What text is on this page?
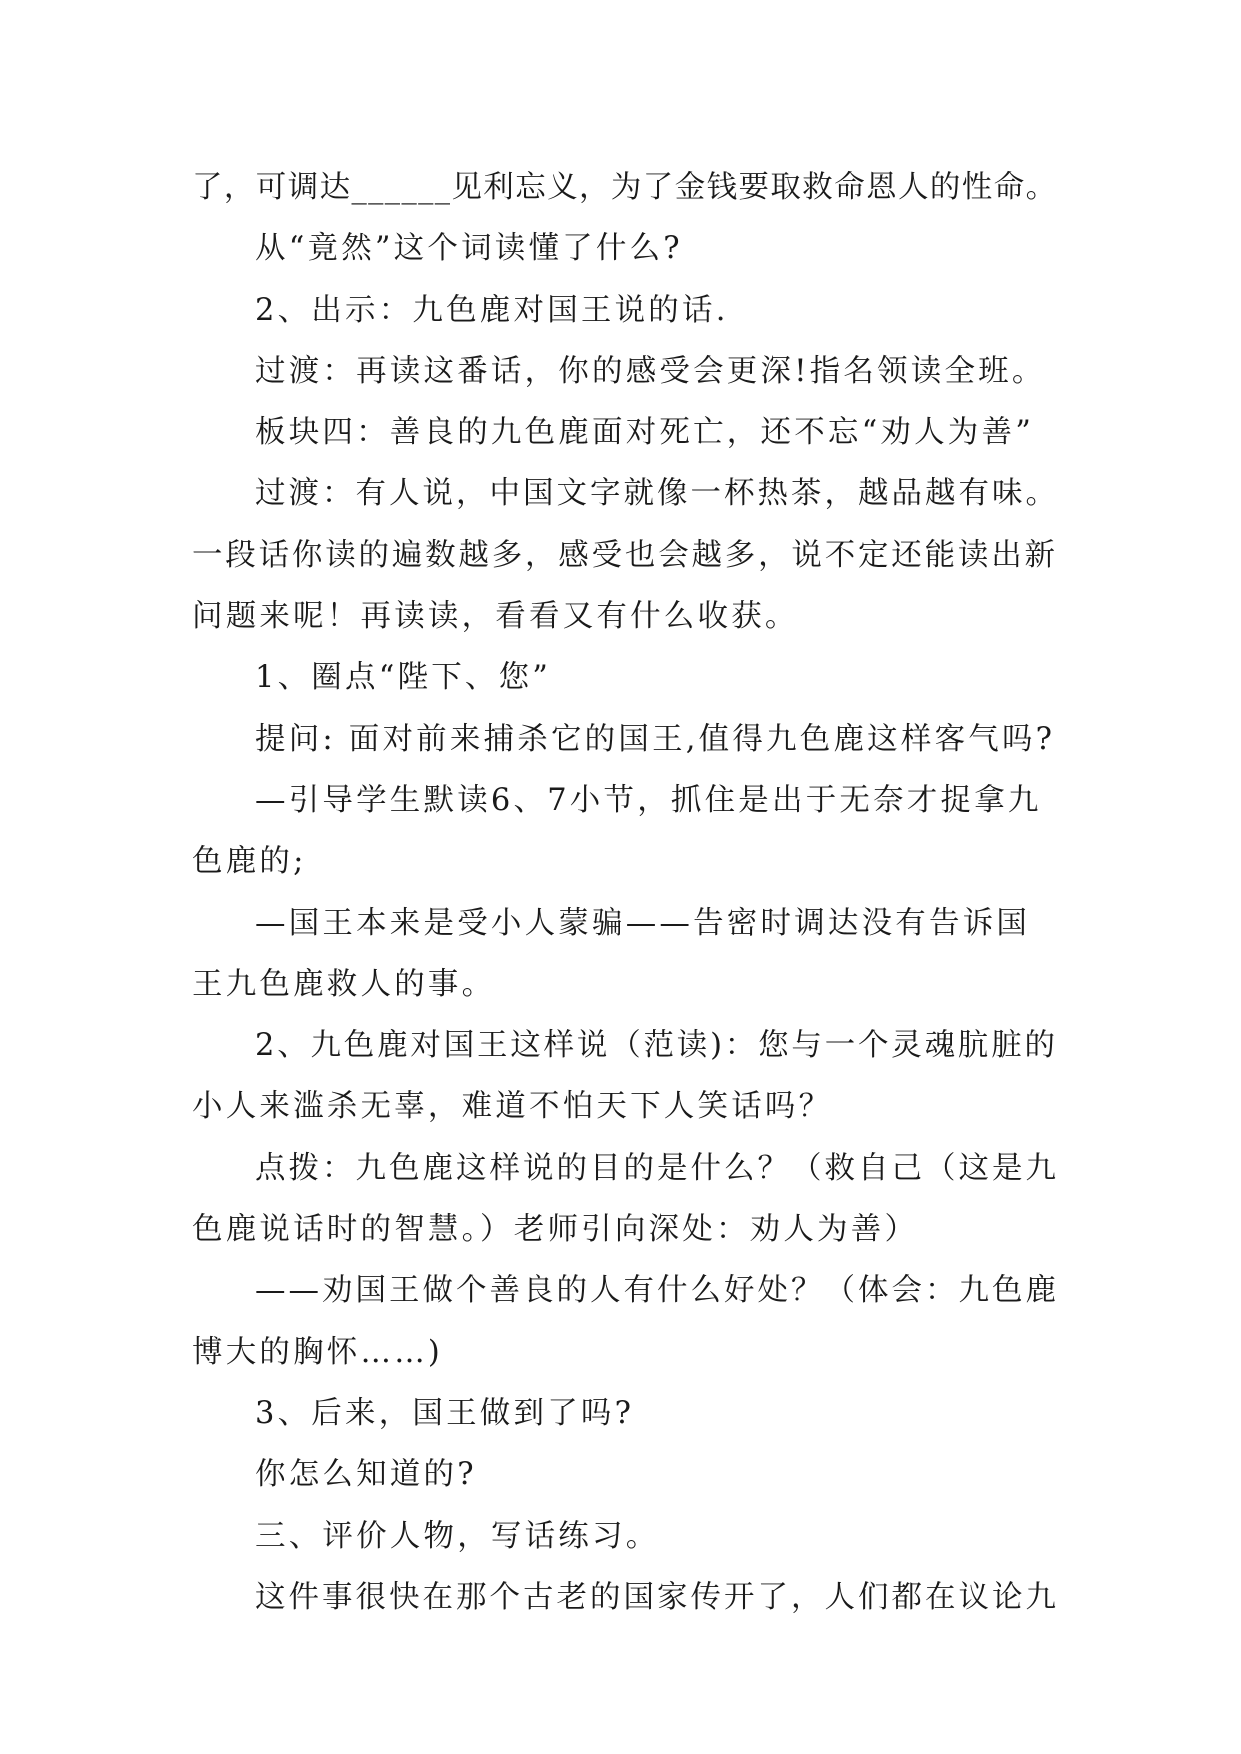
了，可调达______见利忘义，为了金钱要取救命恩人的性命。
从“竟然”这个词读懂了什么?
2、出示：九色鹿对国王说的话.
过渡：再读这番话，你的感受会更深!指名领读全班。
板块四：善良的九色鹿面对死亡，还不忘“劝人为善”
过渡：有人说，中国文字就像一杯热茶，越品越有味。
一段话你读的遍数越多，感受也会越多，说不定还能读出新
问题来呢！再读读，看看又有什么收获。
1、圈点“陛下、您”
提问: 面对前来捕杀它的国王,值得九色鹿这样客气吗?
—引导学生默读6、7小节，抓住是出于无奈才捉拿九
色鹿的;
—国王本来是受小人蒙骗——告密时调达没有告诉国
王九色鹿救人的事。
2、九色鹿对国王这样说（范读)：您与一个灵魂肮脏的
小人来滥杀无辜，难道不怕天下人笑话吗？
点拨：九色鹿这样说的目的是什么？（救自己（这是九
色鹿说话时的智慧。）老师引向深处：劝人为善）
——劝国王做个善良的人有什么好处？（体会：九色鹿
博大的胸怀……)
3、后来，国王做到了吗?
你怎么知道的?
三、评价人物，写话练习。
这件事很快在那个古老的国家传开了，人们都在议论九
